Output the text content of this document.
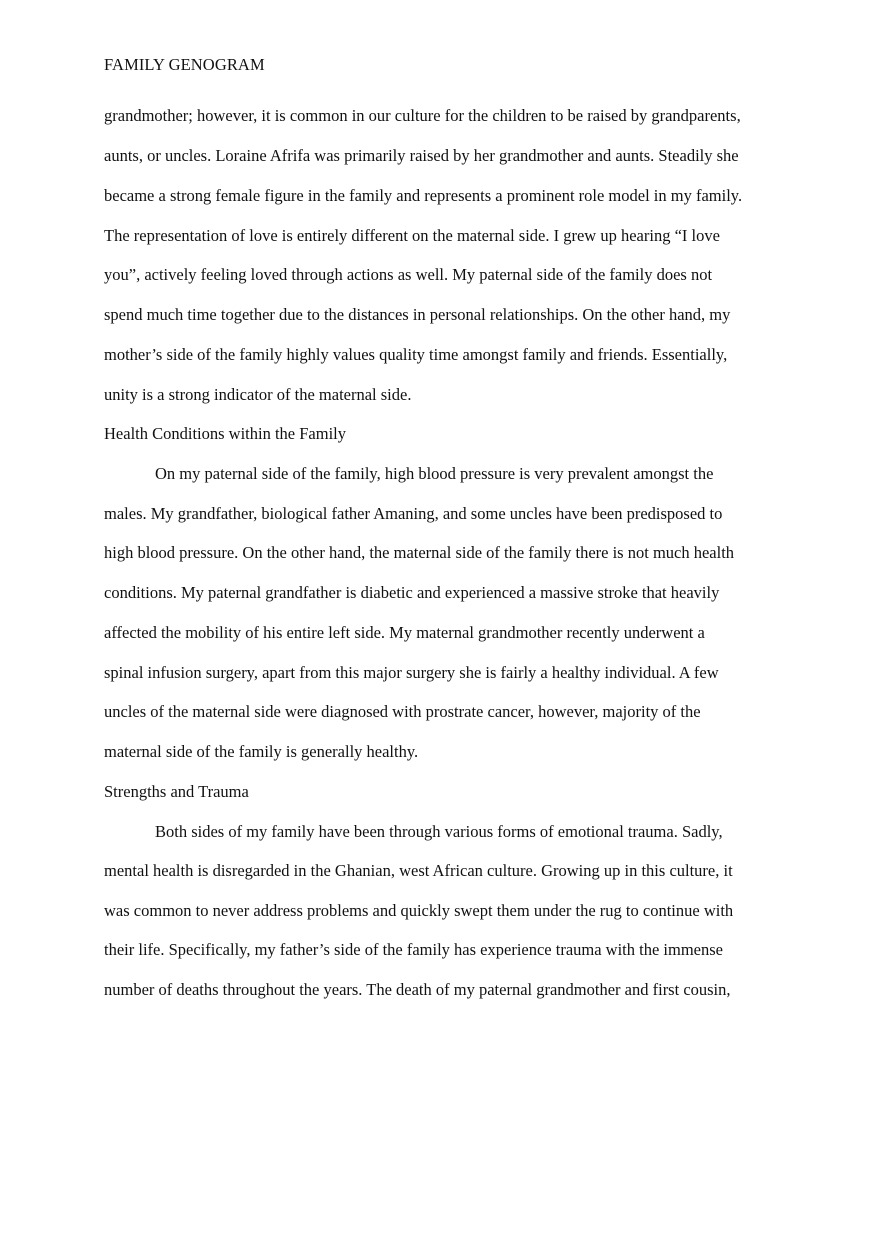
FAMILY GENOGRAM
grandmother; however, it is common in our culture for the children to be raised by grandparents,
aunts, or uncles. Loraine Afrifa was primarily raised by her grandmother and aunts. Steadily she
became a strong female figure in the family and represents a prominent role model in my family.
The representation of love is entirely different on the maternal side. I grew up hearing “I love
you”, actively feeling loved through actions as well. My paternal side of the family does not
spend much time together due to the distances in personal relationships. On the other hand, my
mother’s side of the family highly values quality time amongst family and friends. Essentially,
unity is a strong indicator of the maternal side.
Health Conditions within the Family
On my paternal side of the family, high blood pressure is very prevalent amongst the
males. My grandfather, biological father Amaning, and some uncles have been predisposed to
high blood pressure. On the other hand, the maternal side of the family there is not much health
conditions. My paternal grandfather is diabetic and experienced a massive stroke that heavily
affected the mobility of his entire left side. My maternal grandmother recently underwent a
spinal infusion surgery, apart from this major surgery she is fairly a healthy individual. A few
uncles of the maternal side were diagnosed with prostrate cancer, however, majority of the
maternal side of the family is generally healthy.
Strengths and Trauma
Both sides of my family have been through various forms of emotional trauma. Sadly,
mental health is disregarded in the Ghanian, west African culture. Growing up in this culture, it
was common to never address problems and quickly swept them under the rug to continue with
their life. Specifically, my father’s side of the family has experience trauma with the immense
number of deaths throughout the years. The death of my paternal grandmother and first cousin,
